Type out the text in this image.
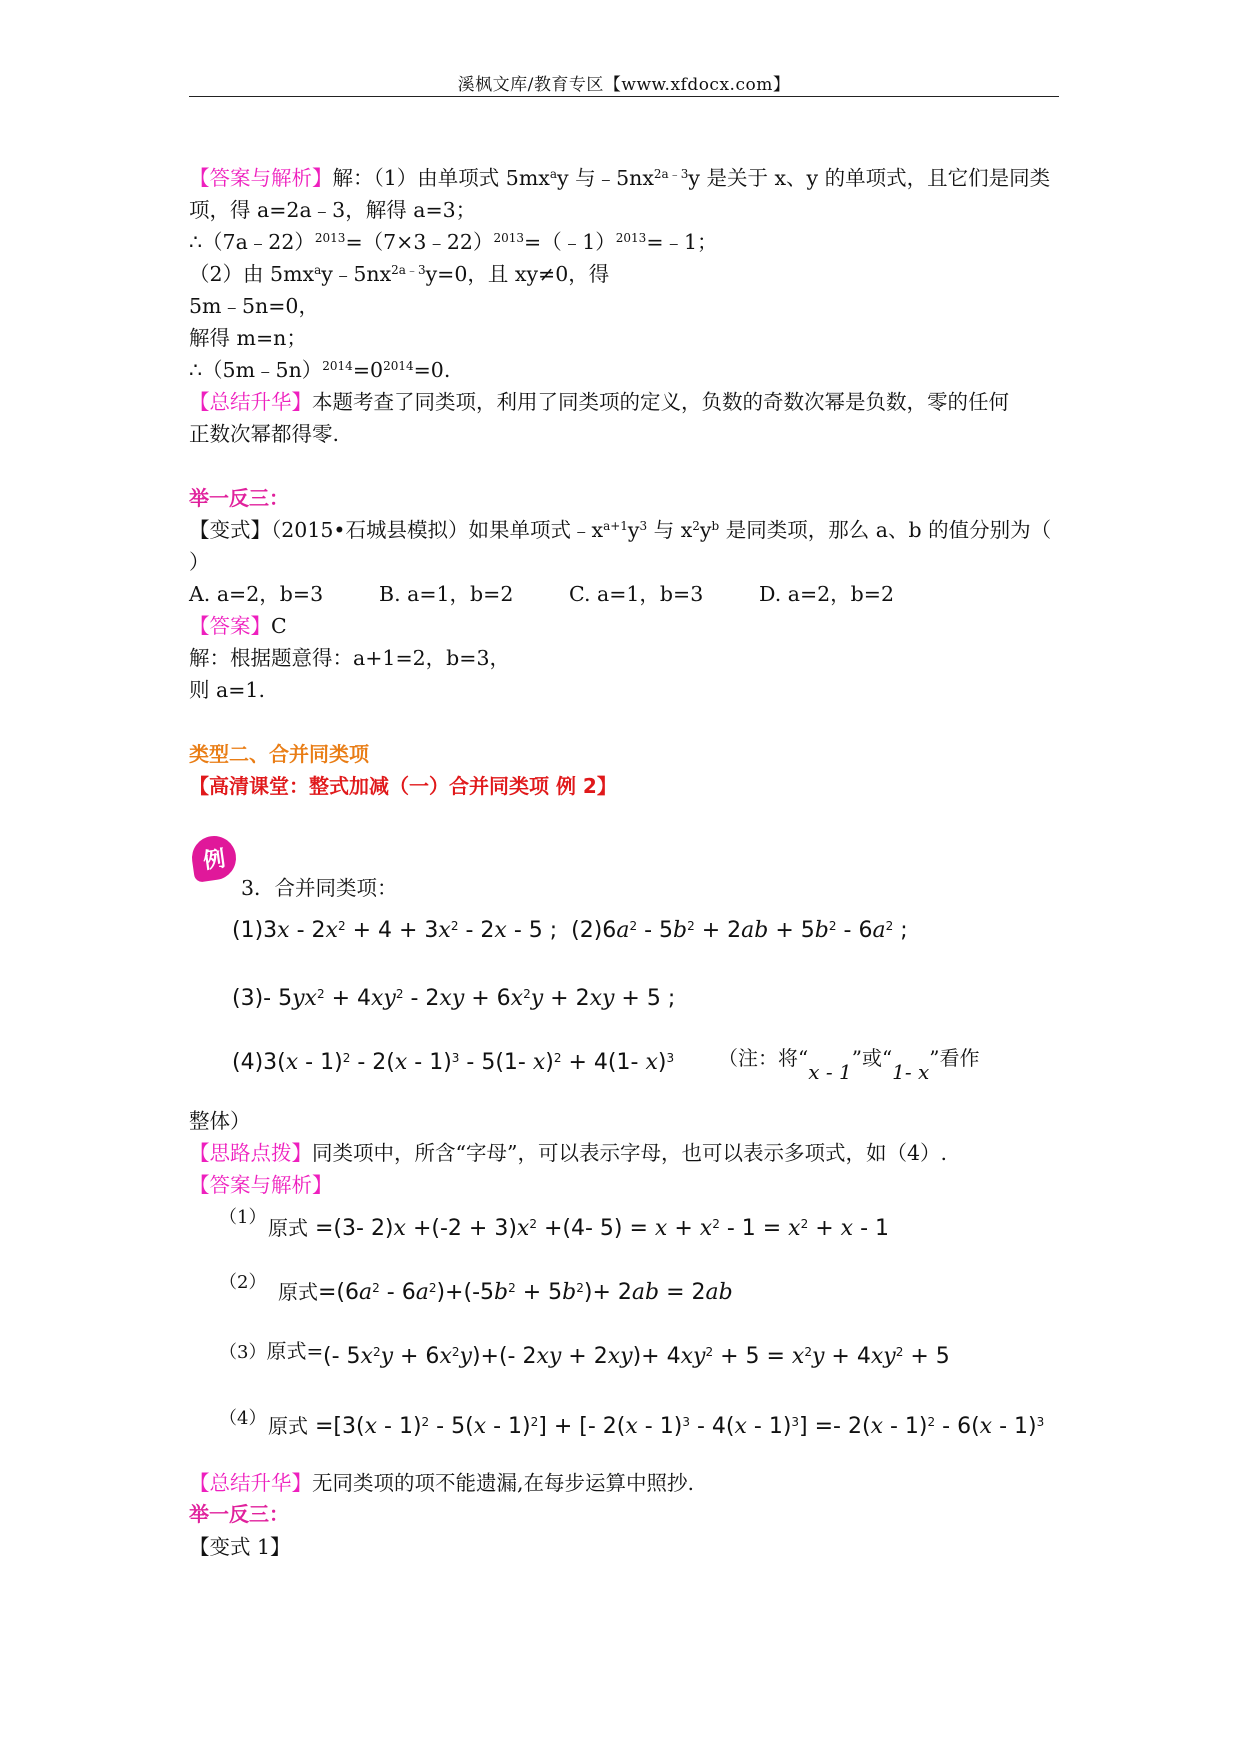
溪枫文库/教育专区【www.xfdocx.com】
【答案与解析】解：（1）由单项式 $5mx^ay$ 与$﹣5nx^{2a﹣3}y$ 是关于 x、y 的单项式，且它们是同类
项，得 a=2a﹣3，解得 a=3；
∴（7a﹣22）$^{2013}$=（7×3﹣22）$^{2013}$=（﹣1）$^{2013}$=﹣1；
（2）由 $5mx^ay﹣5nx^{2a﹣3}y=0$，且 xy≠0，得
5m﹣5n=0，
解得 m=n；
$\therefore(5m﹣5n)^{2014}=0^{2014}=0$.
【总结升华】本题考查了同类项，利用了同类项的定义，负数的奇数次幂是负数，零的任何
正数次幂都得零.
举一反三：
【变式】（2015•石城县模拟）如果单项式$﹣x^{a+1}y^3$ 与 $x^2y^b$ 是同类项，那么 a、b 的值分别为（
）
A. a=2，b=3	B. a=1，b=2	C. a=1，b=3	D. a=2，b=2
【答案】C
解：根据题意得：a+1=2，b=3，
则 a=1.
类型二、合并同类项
【高清课堂：整式加减（一）合并同类项 例 2】
例
3．合并同类项：
$(1)3x - 2x^2 + 4 + 3x^2 - 2x - 5$ ;  $(2)6a^2 - 5b^2 + 2ab + 5b^2 - 6a^2$ ;
(3)- $5yx^2 + 4xy^2 - 2xy + 6x^2y + 2xy + 5$ ;
(4)3(x - 1)$^2$ - 2(x - 1)$^3$ - 5(1- x)$^2$ + 4(1- x)$^3$ （注：将“x - 1”或“1- x”看作
整体）
【思路点拨】同类项中，所含“字母”，可以表示字母，也可以表示多项式，如（4）.
【答案与解析】
（1） 原式 =(3- $2)x +(-2 + 3)x^2 +(4-$ $5) = x + x^2 - 1 = x^2 + x - 1$
（2） 原式$=(6a^2 - 6a^2)+(-5b^2 + 5b^2)+ 2ab = 2ab$
（3）原式= (- $5x^2y + 6x^2y)+(-$ $2xy + 2xy)+ 4xy^2 + 5 = x^2y + 4xy^2 + 5$
（4） 原式 =[3(x - 1)$^2$ - 5(x - 1)$^2$] + [- 2(x - 1)$^3$ - 4(x - 1)$^3$] =- 2(x - 1)$^2$ - 6(x - 1)$^3$
【总结升华】无同类项的项不能遗漏,在每步运算中照抄.
举一反三：
【变式 1】
